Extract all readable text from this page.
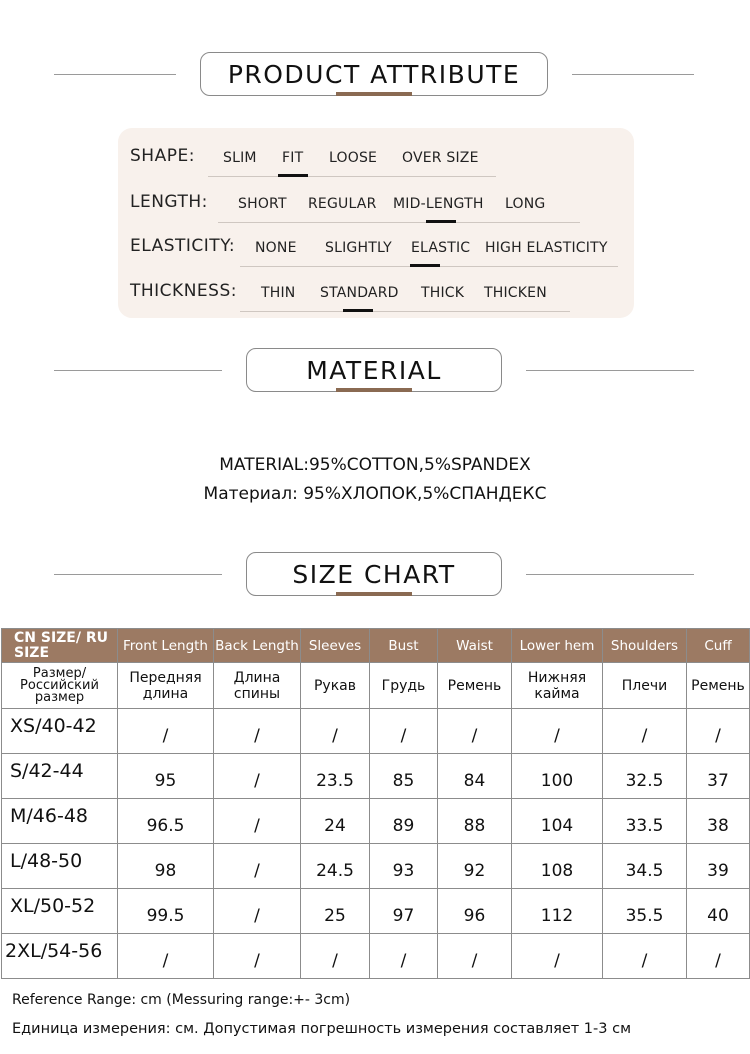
PRODUCT ATTRIBUTE
SHAPE: SLIM FIT LOOSE OVER SIZE
LENGTH: SHORT REGULAR MID-LENGTH LONG
ELASTICITY: NONE SLIGHTLY ELASTIC HIGH ELASTICITY
THICKNESS: THIN STANDARD THICK THICKEN
MATERIAL
MATERIAL:95%COTTON,5%SPANDEX
Материал: 95%ХЛОПОК,5%СПАНДЕКС
SIZE CHART
CN SIZE/ RU SIZE	Front Length	Back Length	Sleeves	Bust	Waist	Lower hem	Shoulders	Cuff
Размер/ Российский размер	Передняя длина	Длина спины	Рукав	Грудь	Ремень	Нижняя кайма	Плечи	Ремень
XS/40-42	/	/	/	/	/	/	/	/
S/42-44	95	/	23.5	85	84	100	32.5	37
M/46-48	96.5	/	24	89	88	104	33.5	38
L/48-50	98	/	24.5	93	92	108	34.5	39
XL/50-52	99.5	/	25	97	96	112	35.5	40
2XL/54-56	/	/	/	/	/	/	/	/
Reference Range: cm (Messuring range:+- 3cm)
Единица измерения: см. Допустимая погрешность измерения составляет 1-3 см
